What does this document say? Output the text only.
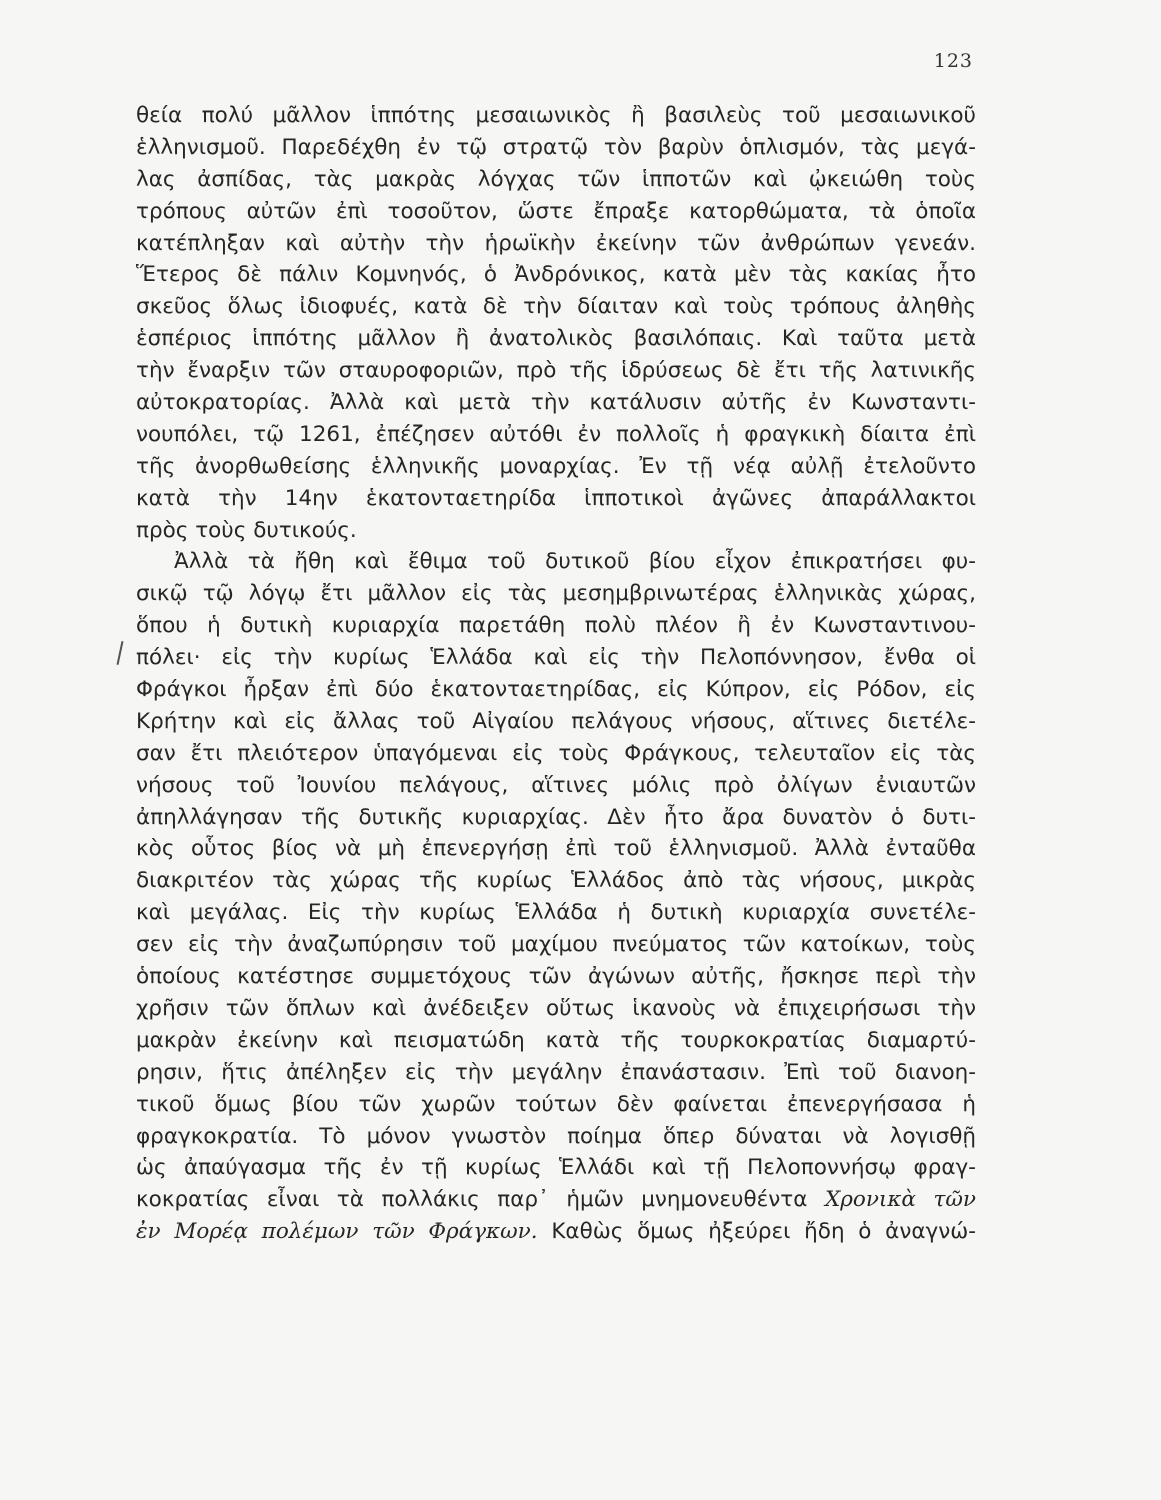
123
θεία πολύ μᾶλλον ἱππότης μεσαιωνικὸς ἢ βασιλεὺς τοῦ μεσαιωνικοῦ
ἑλληνισμοῦ. Παρεδέχθη ἐν τῷ στρατῷ τὸν βαρὺν ὁπλισμόν, τὰς μεγά-
λας ἀσπίδας, τὰς μακρὰς λόγχας τῶν ἱπποτῶν καὶ ᾠκειώθη τοὺς
τρόπους αὐτῶν ἐπὶ τοσοῦτον, ὥστε ἔπραξε κατορθώματα, τὰ ὁποῖα
κατέπληξαν καὶ αὐτὴν τὴν ἡρωϊκὴν ἐκείνην τῶν ἀνθρώπων γενεάν.
Ἕτερος δὲ πάλιν Κομνηνός, ὁ Ἀνδρόνικος, κατὰ μὲν τὰς κακίας ἦτο
σκεῦος ὅλως ἰδιοφυές, κατὰ δὲ τὴν δίαιταν καὶ τοὺς τρόπους ἀληθὴς
ἑσπέριος ἱππότης μᾶλλον ἢ ἀνατολικὸς βασιλόπαις. Καὶ ταῦτα μετὰ
τὴν ἔναρξιν τῶν σταυροφοριῶν, πρὸ τῆς ἱδρύσεως δὲ ἔτι τῆς λατινικῆς
αὐτοκρατορίας. Ἀλλὰ καὶ μετὰ τὴν κατάλυσιν αὐτῆς ἐν Κωνσταντι-
νουπόλει, τῷ 1261, ἐπέζησεν αὐτόθι ἐν πολλοῖς ἡ φραγκικὴ δίαιτα ἐπὶ
τῆς ἀνορθωθείσης ἑλληνικῆς μοναρχίας. Ἐν τῇ νέᾳ αὐλῇ ἐτελοῦντο
κατὰ τὴν 14ην ἑκατονταετηρίδα ἱπποτικοὶ ἀγῶνες ἀπαράλλακτοι
πρὸς τοὺς δυτικούς.
Ἀλλὰ τὰ ἤθη καὶ ἔθιμα τοῦ δυτικοῦ βίου εἶχον ἐπικρατήσει φυ-
σικῷ τῷ λόγῳ ἔτι μᾶλλον εἰς τὰς μεσημβρινωτέρας ἑλληνικὰς χώρας,
ὅπου ἡ δυτικὴ κυριαρχία παρετάθη πολὺ πλέον ἢ ἐν Κωνσταντινου-
πόλει· εἰς τὴν κυρίως Ἑλλάδα καὶ εἰς τὴν Πελοπόννησον, ἔνθα οἱ
Φράγκοι ἦρξαν ἐπὶ δύο ἑκατονταετηρίδας, εἰς Κύπρον, εἰς Ρόδον, εἰς
Κρήτην καὶ εἰς ἄλλας τοῦ Αἰγαίου πελάγους νήσους, αἵτινες διετέλε-
σαν ἔτι πλειότερον ὑπαγόμεναι εἰς τοὺς Φράγκους, τελευταῖον εἰς τὰς
νήσους τοῦ Ἰουνίου πελάγους, αἵτινες μόλις πρὸ ὀλίγων ἐνιαυτῶν
ἀπηλλάγησαν τῆς δυτικῆς κυριαρχίας. Δὲν ἦτο ἄρα δυνατὸν ὁ δυτι-
κὸς οὗτος βίος νὰ μὴ ἐπενεργήσῃ ἐπὶ τοῦ ἑλληνισμοῦ. Ἀλλὰ ἐνταῦθα
διακριτέον τὰς χώρας τῆς κυρίως Ἑλλάδος ἀπὸ τὰς νήσους, μικρὰς
καὶ μεγάλας. Εἰς τὴν κυρίως Ἑλλάδα ἡ δυτικὴ κυριαρχία συνετέλε-
σεν εἰς τὴν ἀναζωπύρησιν τοῦ μαχίμου πνεύματος τῶν κατοίκων, τοὺς
ὁποίους κατέστησε συμμετόχους τῶν ἀγώνων αὐτῆς, ἤσκησε περὶ τὴν
χρῆσιν τῶν ὅπλων καὶ ἀνέδειξεν οὕτως ἱκανοὺς νὰ ἐπιχειρήσωσι τὴν
μακρὰν ἐκείνην καὶ πεισματώδη κατὰ τῆς τουρκοκρατίας διαμαρτύ-
ρησιν, ἥτις ἀπέληξεν εἰς τὴν μεγάλην ἐπανάστασιν. Ἐπὶ τοῦ διανοη-
τικοῦ ὅμως βίου τῶν χωρῶν τούτων δὲν φαίνεται ἐπενεργήσασα ἡ
φραγκοκρατία. Τὸ μόνον γνωστὸν ποίημα ὅπερ δύναται νὰ λογισθῇ
ὡς ἀπαύγασμα τῆς ἐν τῇ κυρίως Ἑλλάδι καὶ τῇ Πελοποννήσῳ φραγ-
κοκρατίας εἶναι τὰ πολλάκις παρ᾽ ἡμῶν μνημονευθέντα Χρονικὰ τῶν
ἐν Μορέᾳ πολέμων τῶν Φράγκων. Καθὼς ὅμως ἠξεύρει ἤδη ὁ ἀναγνώ-
